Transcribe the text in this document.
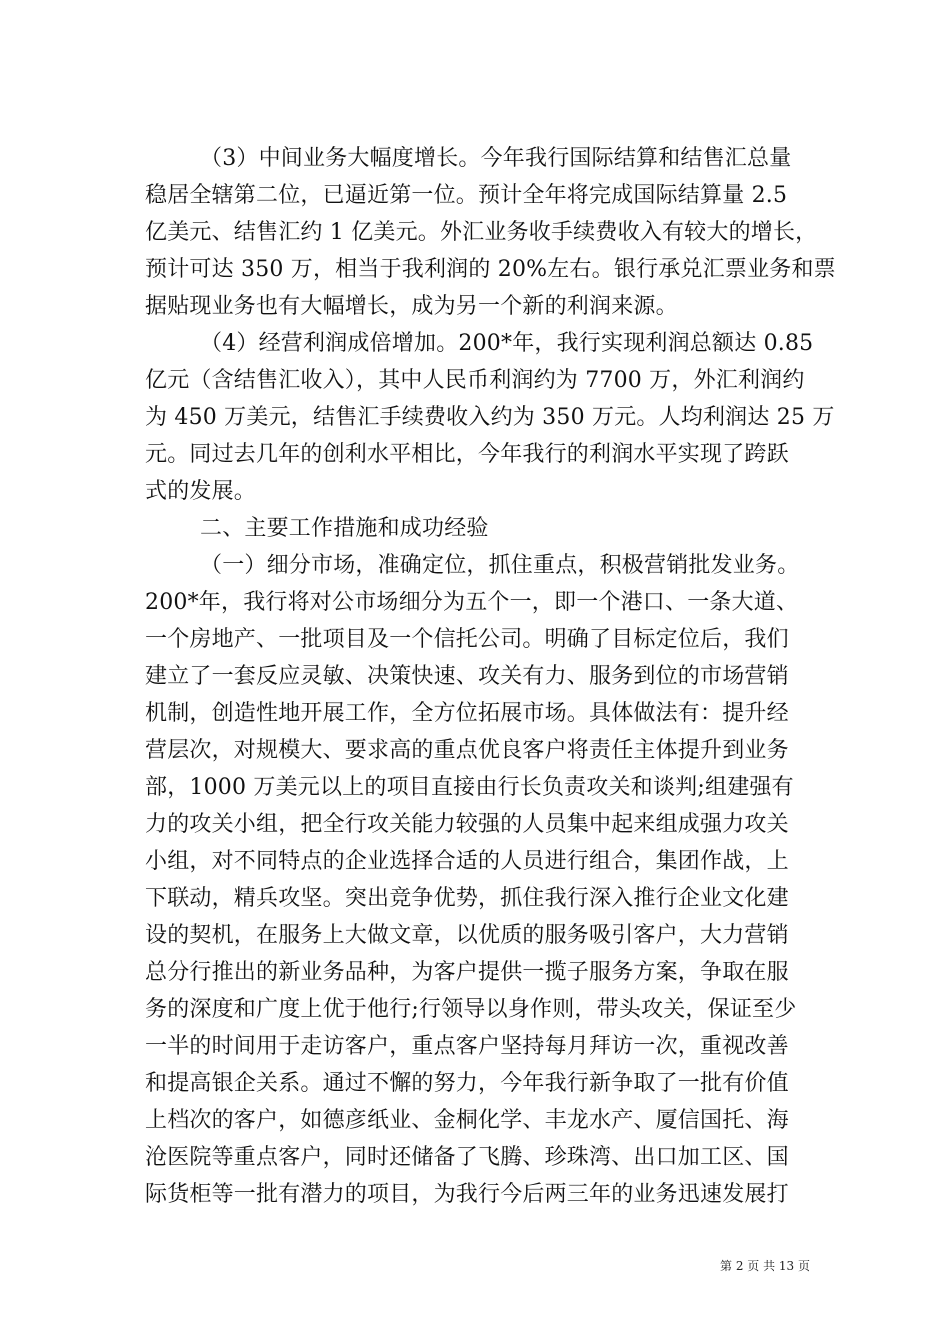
（3）中间业务大幅度增长。今年我行国际结算和结售汇总量
稳居全辖第二位，已逼近第一位。预计全年将完成国际结算量 2.5
亿美元、结售汇约 1 亿美元。外汇业务收手续费收入有较大的增长，
预计可达 350 万，相当于我利润的 20%左右。银行承兑汇票业务和票
据贴现业务也有大幅增长，成为另一个新的利润来源。
（4）经营利润成倍增加。200*年，我行实现利润总额达 0.85
亿元（含结售汇收入），其中人民币利润约为 7700 万，外汇利润约
为 450 万美元，结售汇手续费收入约为 350 万元。人均利润达 25 万
元。同过去几年的创利水平相比，今年我行的利润水平实现了跨跃
式的发展。
二、主要工作措施和成功经验
（一）细分市场，准确定位，抓住重点，积极营销批发业务。
200*年，我行将对公市场细分为五个一，即一个港口、一条大道、
一个房地产、一批项目及一个信托公司。明确了目标定位后，我们
建立了一套反应灵敏、决策快速、攻关有力、服务到位的市场营销
机制，创造性地开展工作，全方位拓展市场。具体做法有：提升经
营层次，对规模大、要求高的重点优良客户将责任主体提升到业务
部，1000 万美元以上的项目直接由行长负责攻关和谈判;组建强有
力的攻关小组，把全行攻关能力较强的人员集中起来组成强力攻关
小组，对不同特点的企业选择合适的人员进行组合，集团作战，上
下联动，精兵攻坚。突出竞争优势，抓住我行深入推行企业文化建
设的契机，在服务上大做文章，以优质的服务吸引客户，大力营销
总分行推出的新业务品种，为客户提供一揽子服务方案，争取在服
务的深度和广度上优于他行;行领导以身作则，带头攻关，保证至少
一半的时间用于走访客户，重点客户坚持每月拜访一次，重视改善
和提高银企关系。通过不懈的努力，今年我行新争取了一批有价值
上档次的客户，如德彦纸业、金桐化学、丰龙水产、厦信国托、海
沧医院等重点客户，同时还储备了飞腾、珍珠湾、出口加工区、国
际货柜等一批有潜力的项目，为我行今后两三年的业务迅速发展打
第 2 页 共 13 页
